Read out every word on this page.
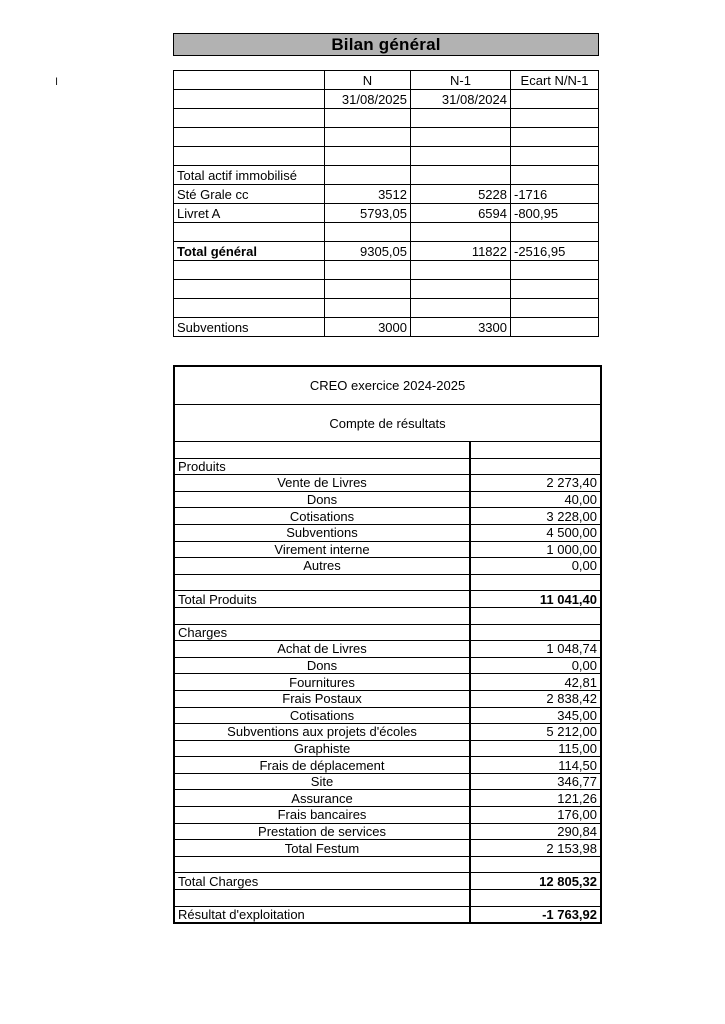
I
Bilan général
	N	N-1	Ecart N/N-1
	31/08/2025	31/08/2024	

Total actif immobilisé			
Sté Grale cc	3512	5228	-1716
Livret A	5793,05	6594	-800,95

Total général	9305,05	11822	-2516,95

Subventions	3000	3300	
CREO exercice 2024-2025	
Compte de résultats	

Produits	
Vente de Livres	2 273,40
Dons	40,00
Cotisations	3 228,00
Subventions	4 500,00
Virement interne	1 000,00
Autres	0,00

Total Produits	11 041,40

Charges	
Achat de Livres	1 048,74
Dons	0,00
Fournitures	42,81
Frais Postaux	2 838,42
Cotisations	345,00
Subventions aux projets d'écoles	5 212,00
Graphiste	115,00
Frais de déplacement	114,50
Site	346,77
Assurance	121,26
Frais bancaires	176,00
Prestation de services	290,84
Total Festum	2 153,98

Total Charges	12 805,32

Résultat d'exploitation	-1 763,92
